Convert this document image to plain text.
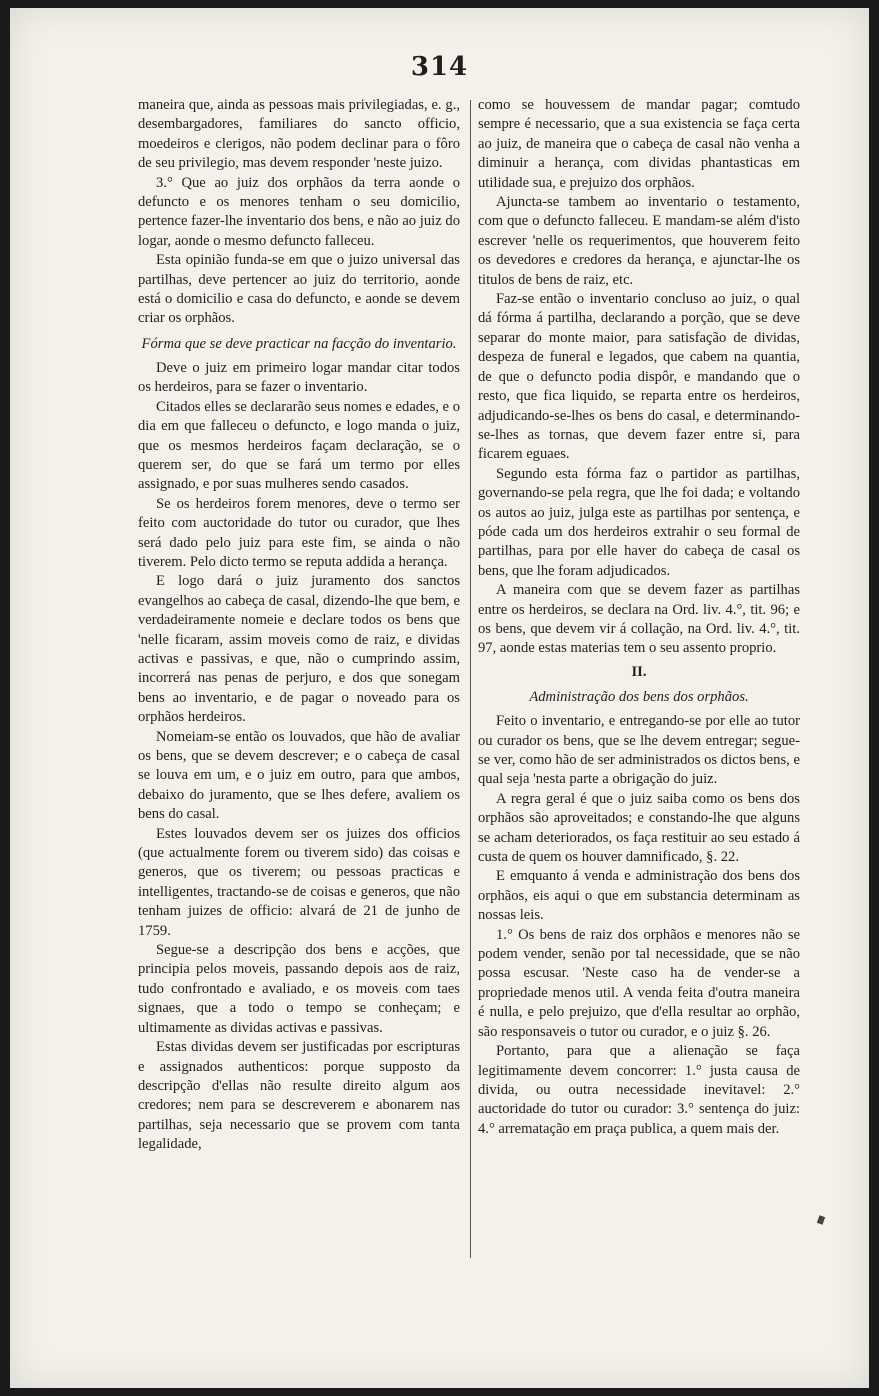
314

maneira que, ainda as pessoas mais privilegiadas, e. g., desembargadores, familiares do sancto officio, moedeiros e clerigos, não podem declinar para o fôro de seu privilegio, mas devem responder 'neste juizo.

3.° Que ao juiz dos orphãos da terra aonde o defuncto e os menores tenham o seu domicilio, pertence fazer-lhe inventario dos bens, e não ao juiz do logar, aonde o mesmo defuncto falleceu.

Esta opinião funda-se em que o juizo universal das partilhas, deve pertencer ao juiz do territorio, aonde está o domicilio e casa do defuncto, e aonde se devem criar os orphãos.

Fórma que se deve practicar na facção do inventario.

Deve o juiz em primeiro logar mandar citar todos os herdeiros, para se fazer o inventario.

Citados elles se declararão seus nomes e edades, e o dia em que falleceu o defuncto, e logo manda o juiz, que os mesmos herdeiros façam declaração, se o querem ser, do que se fará um termo por elles assignado, e por suas mulheres sendo casados.

Se os herdeiros forem menores, deve o termo ser feito com auctoridade do tutor ou curador, que lhes será dado pelo juiz para este fim, se ainda o não tiverem. Pelo dicto termo se reputa addida a herança.

E logo dará o juiz juramento dos sanctos evangelhos ao cabeça de casal, dizendo-lhe que bem, e verdadeiramente nomeie e declare todos os bens que 'nelle ficaram, assim moveis como de raiz, e dividas activas e passivas, e que, não o cumprindo assim, incorrerá nas penas de perjuro, e dos que sonegam bens ao inventario, e de pagar o noveado para os orphãos herdeiros.

Nomeiam-se então os louvados, que hão de avaliar os bens, que se devem descrever; e o cabeça de casal se louva em um, e o juiz em outro, para que ambos, debaixo do juramento, que se lhes defere, avaliem os bens do casal.

Estes louvados devem ser os juizes dos officios (que actualmente forem ou tiverem sido) das coisas e generos, que os tiverem; ou pessoas practicas e intelligentes, tractando-se de coisas e generos, que não tenham juizes de officio: alvará de 21 de junho de 1759.

Segue-se a descripção dos bens e acções, que principia pelos moveis, passando depois aos de raiz, tudo confrontado e avaliado, e os moveis com taes signaes, que a todo o tempo se conheçam; e ultimamente as dividas activas e passivas.

Estas dividas devem ser justificadas por escripturas e assignados authenticos: porque supposto da descripção d'ellas não resulte direito algum aos credores; nem para se descreverem e abonarem nas partilhas, seja necessario que se provem com tanta legalidade,

como se houvessem de mandar pagar; comtudo sempre é necessario, que a sua existencia se faça certa ao juiz, de maneira que o cabeça de casal não venha a diminuir a herança, com dividas phantasticas em utilidade sua, e prejuizo dos orphãos.

Ajuncta-se tambem ao inventario o testamento, com que o defuncto falleceu. E mandam-se além d'isto escrever 'nelle os requerimentos, que houverem feito os devedores e credores da herança, e ajunctar-lhe os titulos de bens de raiz, etc.

Faz-se então o inventario concluso ao juiz, o qual dá fórma á partilha, declarando a porção, que se deve separar do monte maior, para satisfação de dividas, despeza de funeral e legados, que cabem na quantia, de que o defuncto podia dispôr, e mandando que o resto, que fica liquido, se reparta entre os herdeiros, adjudicando-se-lhes os bens do casal, e determinando-se-lhes as tornas, que devem fazer entre si, para ficarem eguaes.

Segundo esta fórma faz o partidor as partilhas, governando-se pela regra, que lhe foi dada; e voltando os autos ao juiz, julga este as partilhas por sentença, e póde cada um dos herdeiros extrahir o seu formal de partilhas, para por elle haver do cabeça de casal os bens, que lhe foram adjudicados.

A maneira com que se devem fazer as partilhas entre os herdeiros, se declara na Ord. liv. 4.°, tit. 96; e os bens, que devem vir á collação, na Ord. liv. 4.°, tit. 97, aonde estas materias tem o seu assento proprio.

II.

Administração dos bens dos orphãos.

Feito o inventario, e entregando-se por elle ao tutor ou curador os bens, que se lhe devem entregar; segue-se ver, como hão de ser administrados os dictos bens, e qual seja 'nesta parte a obrigação do juiz.

A regra geral é que o juiz saiba como os bens dos orphãos são aproveitados; e constando-lhe que alguns se acham deteriorados, os faça restituir ao seu estado á custa de quem os houver damnificado, §. 22.

E emquanto á venda e administração dos bens dos orphãos, eis aqui o que em substancia determinam as nossas leis.

1.° Os bens de raiz dos orphãos e menores não se podem vender, senão por tal necessidade, que se não possa escusar. 'Neste caso ha de vender-se a propriedade menos util. A venda feita d'outra maneira é nulla, e pelo prejuizo, que d'ella resultar ao orphão, são responsaveis o tutor ou curador, e o juiz §. 26.

Portanto, para que a alienação se faça legitimamente devem concorrer: 1.° justa causa de divida, ou outra necessidade inevitavel: 2.° auctoridade do tutor ou curador: 3.° sentença do juiz: 4.° arrematação em praça publica, a quem mais der.
